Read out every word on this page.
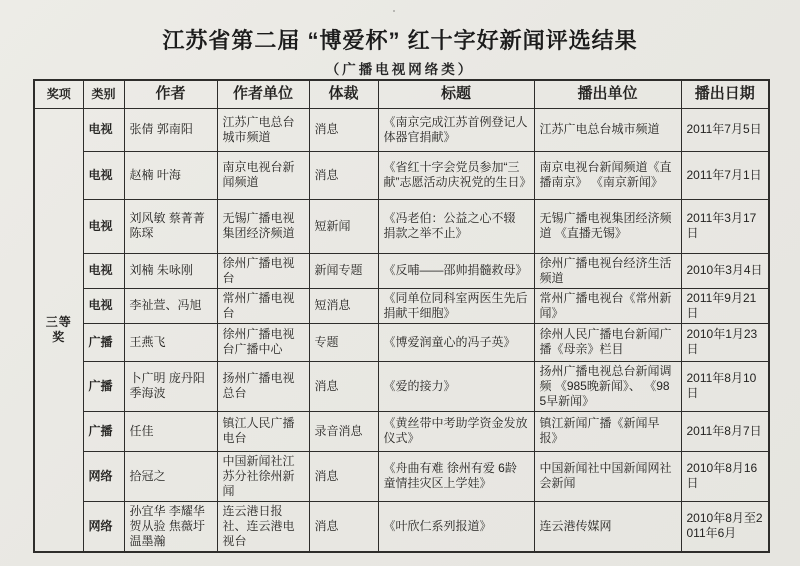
江苏省第二届 “博爱杯” 红十字好新闻评选结果
（广播电视网络类）
奖项	类别	作者	作者单位	体裁	标题	播出单位	播出日期
三等奖	电视	张倩 郭南阳	江苏广电总台城市频道	消息	《南京完成江苏首例登记人体器官捐献》	江苏广电总台城市频道	2011年7月5日
	电视	赵楠 叶海	南京电视台新闻频道	消息	《省红十字会党员参加“三献”志愿活动庆祝党的生日》	南京电视台新闻频道《直播南京》 《南京新闻》	2011年7月1日
	电视	刘风敏 蔡菁菁 陈琛	无锡广播电视集团经济频道	短新闻	《冯老伯：公益之心不辍 捐款之举不止》	无锡广播电视集团经济频道 《直播无锡》	2011年3月17日
	电视	刘楠 朱咏刚	徐州广播电视台	新闻专题	《反哺——邵帅捐髓救母》	徐州广播电视台经济生活频道	2010年3月4日
	电视	李祉萱、冯旭	常州广播电视台	短消息	《同单位同科室两医生先后捐献干细胞》	常州广播电视台《常州新闻》	2011年9月21日
	广播	王燕飞	徐州广播电视台广播中心	专题	《博爱润童心的冯子英》	徐州人民广播电台新闻广播《母亲》栏目	2010年1月23日
	广播	卜广明 庞丹阳 季海波	扬州广播电视总台	消息	《爱的接力》	扬州广播电视总台新闻调频 《985晚新闻》、 《985早新闻》	2011年8月10日
	广播	任佳	镇江人民广播电台	录音消息	《黄丝带中考助学资金发放仪式》	镇江新闻广播《新闻早报》	2011年8月7日
	网络	拾冠之	中国新闻社江苏分社徐州新闻	消息	《舟曲有难 徐州有爱 6龄童情挂灾区上学娃》	中国新闻社中国新闻网社会新闻	2010年8月16日
	网络	孙宜华 李耀华 贺从验 焦薇圩 温墨瀚	连云港日报社、连云港电视台	消息	《叶欣仁系列报道》	连云港传媒网	2010年8月至2011年6月
